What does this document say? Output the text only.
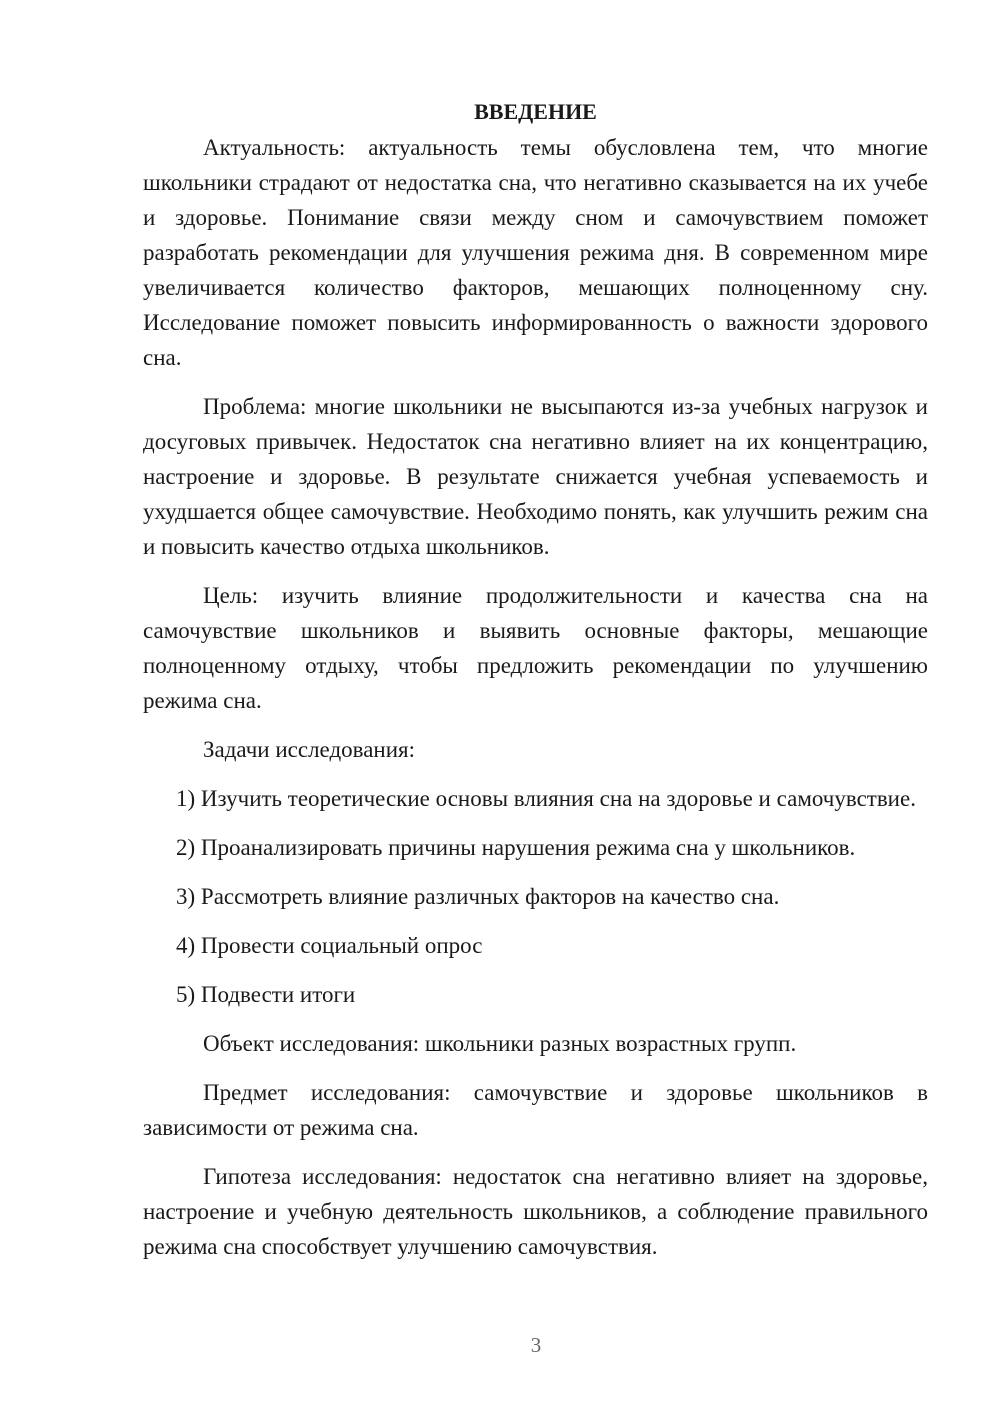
ВВЕДЕНИЕ

Актуальность: актуальность темы обусловлена тем, что многие школьники страдают от недостатка сна, что негативно сказывается на их учебе и здоровье. Понимание связи между сном и самочувствием поможет разработать рекомендации для улучшения режима дня. В современном мире увеличивается количество факторов, мешающих полноценному сну. Исследование поможет повысить информированность о важности здорового сна.

Проблема: многие школьники не высыпаются из-за учебных нагрузок и досуговых привычек. Недостаток сна негативно влияет на их концентрацию, настроение и здоровье. В результате снижается учебная успеваемость и ухудшается общее самочувствие. Необходимо понять, как улучшить режим сна и повысить качество отдыха школьников.

Цель: изучить влияние продолжительности и качества сна на самочувствие школьников и выявить основные факторы, мешающие полноценному отдыху, чтобы предложить рекомендации по улучшению режима сна.

Задачи исследования:

1) Изучить теоретические основы влияния сна на здоровье и самочувствие.

2) Проанализировать причины нарушения режима сна у школьников.

3) Рассмотреть влияние различных факторов на качество сна.

4) Провести социальный опрос

5) Подвести итоги

Объект исследования: школьники разных возрастных групп.

Предмет исследования: самочувствие и здоровье школьников в зависимости от режима сна.

Гипотеза исследования: недостаток сна негативно влияет на здоровье, настроение и учебную деятельность школьников, а соблюдение правильного режима сна способствует улучшению самочувствия.

3
